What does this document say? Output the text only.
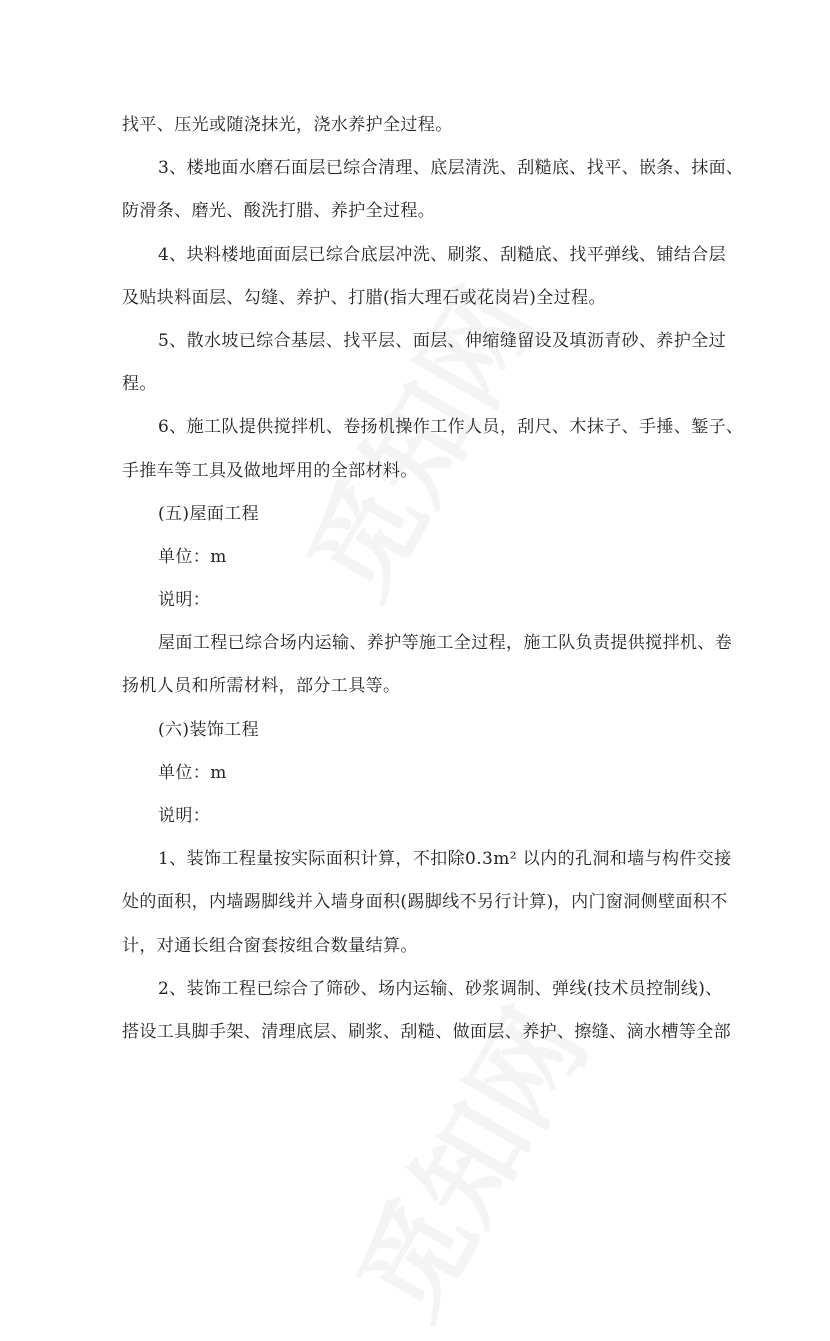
找平、压光或随浇抹光，浇水养护全过程。
3、楼地面水磨石面层已综合清理、底层清洗、刮糙底、找平、嵌条、抹面、
防滑条、磨光、酸洗打腊、养护全过程。
4、块料楼地面面层已综合底层冲洗、刷浆、刮糙底、找平弹线、铺结合层
及贴块料面层、勾缝、养护、打腊(指大理石或花岗岩)全过程。
5、散水坡已综合基层、找平层、面层、伸缩缝留设及填沥青砂、养护全过
程。
6、施工队提供搅拌机、卷扬机操作工作人员，刮尺、木抹子、手捶、錾子、
手推车等工具及做地坪用的全部材料。
(五)屋面工程
单位：m
说明：
屋面工程已综合场内运输、养护等施工全过程，施工队负责提供搅拌机、卷
扬机人员和所需材料，部分工具等。
(六)装饰工程
单位：m
说明：
1、装饰工程量按实际面积计算，不扣除0.3m² 以内的孔洞和墙与构件交接
处的面积，内墙踢脚线并入墙身面积(踢脚线不另行计算)，内门窗洞侧壁面积不
计，对通长组合窗套按组合数量结算。
2、装饰工程已综合了筛砂、场内运输、砂浆调制、弹线(技术员控制线)、
搭设工具脚手架、清理底层、刷浆、刮糙、做面层、养护、擦缝、滴水槽等全部
